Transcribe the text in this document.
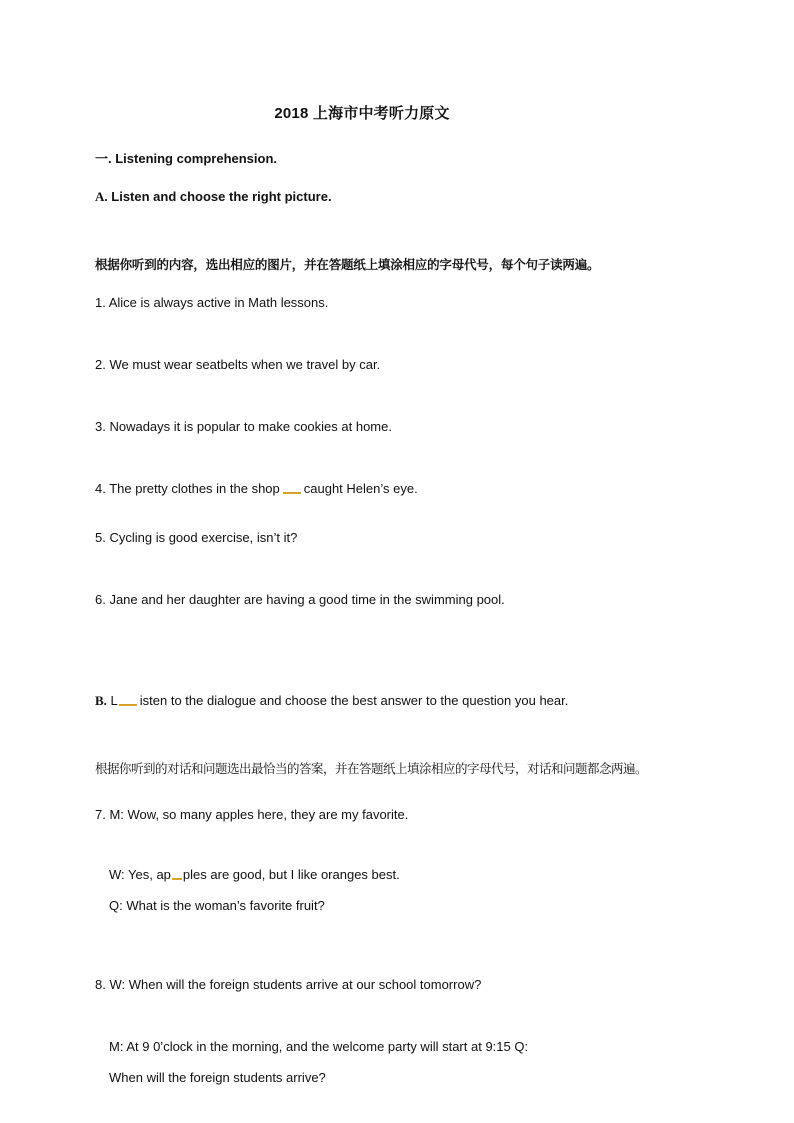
2018 上海市中考听力原文
一. Listening comprehension.
A. Listen and choose the right picture.
根据你听到的内容，选出相应的图片，并在答题纸上填涂相应的字母代号，每个句子读两遍。
1. Alice is always active in Math lessons.
2. We must wear seatbelts when we travel by car.
3. Nowadays it is popular to make cookies at home.
4. The pretty clothes in the shop caught Helen’s eye.
5. Cycling is good exercise, isn’t it?
6. Jane and her daughter are having a good time in the swimming pool.
B. L isten to the dialogue and choose the best answer to the question you hear.
根据你听到的对话和问题选出最恰当的答案，并在答题纸上填涂相应的字母代号，对话和问题都念两遍。
7. M: Wow, so many apples here, they are my favorite.
W: Yes, ap ples are good, but I like oranges best.
Q: What is the woman’s favorite fruit?
8. W: When will the foreign students arrive at our school tomorrow?
M: At 9 0’clock in the morning, and the welcome party will start at 9:15 Q:
When will the foreign students arrive?
